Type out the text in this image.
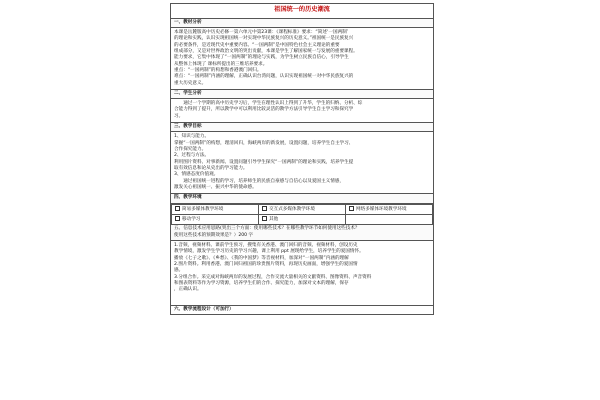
祖国统一的历史潮流
一、教材分析

本课是岳麓版高中历史必修一第六单元中第23课：《课程标准》要求：“简述‘一国两制’

的理论和实践，认识实现祖国统一对实现中华民族复兴的历史意义。”祖国统一是民族复兴

的必要条件，是近现代史中重要内容。“一国两制”是中国特色社会主义理论的重要

组成部分，又是对世界政治文明的突出贡献，本课是学生了解国家统一与发展的重要课程。

能力要求，它集中体现了“一国两制”的理论与实践，为学生树立民族自信心，引导学生

从整体上体现了 课标所提出的三维培养要求。

重点：“一国两制”的构想和香港澳门回归。

难点：“一国两制”内涵的理解，正确认识台湾问题，认识实现祖国统一对中华民族复兴的

重大历史意义。

二、学生分析

通过一个学期的高中历史学习后，学生在理性认识上得到了升华，学生的归纳、分析、综

合能力得到了提升，所以教学中可以利用比较灵活的教学方法引导学生自主学习和探究学

习。

三、教学目标

1、知识与能力。

掌握“一国两制”的构想，理清回归，海峡两岸的新发展，设置问题，培养学生自主学习、

合作探究能力。

2、过程与方法。

利用图片资料、对事新闻、设置问题引导学生探究“一国两制”的理论和实践，培养学生提

取有效信息和论从史出的学习能力。

3、情感态度价值观。

通过祖国统一进程的学习，培养师生的民族自豪感与自信心以及爱国主义情感，

激发关心祖国统一、振兴中华的使命感。

四、教学环境
简易多媒体教学环境	交互式多媒体教学环境	网络多媒体环境教学环境
移动学习	其他	

五、信息技术应用思路(突出三个方面：使用哪些技术？在哪些教学环节如何使用这些技术？

使用这些技术的预期效果是？）200 字

1.音频，视频材料。课前学生预习，搜集有关香港、澳门回归的音频、视频材料，创设历史

教学情境，激发学生学习历史的学习兴趣，课上利用 ppt 展现给学生，培养学生的爱国情怀。

播放《七子之歌》、《乡愁》、《我的中国梦》等音视材料，加深对“一国两制”内涵的理解

2.图片资料。利用香港、澳门回归祖国的珍贵图片资料，再现历史画面，增强学生的爱国情

感。

3.分组合作。采完成对海峡两岸的发展过程，合作交流大量相关的文献资料、图像资料、声音资料

和图表资料等作为学习资源，培养学生们的合作、探究能力，加深对文本的理解，保存

，正确认识。

六、教学流程设计（可加行）
